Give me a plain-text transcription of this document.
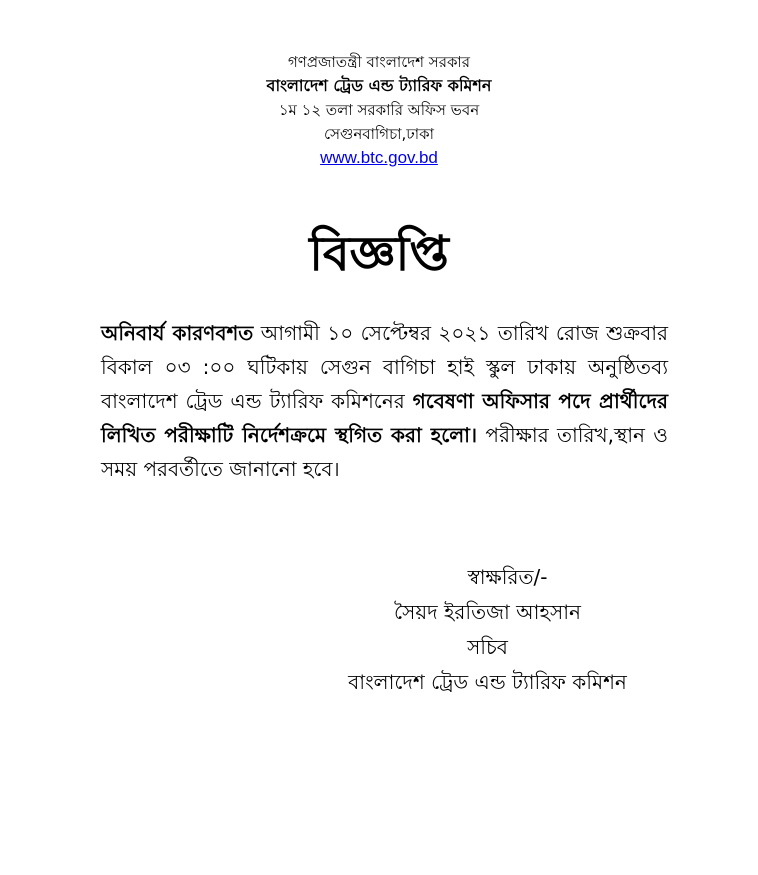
গণপ্রজাতন্ত্রী বাংলাদেশ সরকার
বাংলাদেশ ট্রেড এন্ড ট্যারিফ কমিশন
১ম ১২ তলা সরকারি অফিস ভবন
সেগুনবাগিচা,ঢাকা
www.btc.gov.bd
বিজ্ঞপ্তি
অনিবার্য কারণবশত আগামী ১০ সেপ্টেম্বর ২০২১ তারিখ রোজ শুক্রবার বিকাল ০৩ :০০ ঘটিকায় সেগুন বাগিচা হাই স্কুল ঢাকায় অনুষ্ঠিতব্য বাংলাদেশ ট্রেড এন্ড ট্যারিফ কমিশনের গবেষণা অফিসার পদে প্রার্থীদের লিখিত পরীক্ষাটি নির্দেশক্রমে স্থগিত করা হলো। পরীক্ষার তারিখ,স্থান ও সময় পরবর্তীতে জানানো হবে।
স্বাক্ষরিত/-
সৈয়দ ইরতিজা আহসান
সচিব
বাংলাদেশ ট্রেড এন্ড ট্যারিফ কমিশন
